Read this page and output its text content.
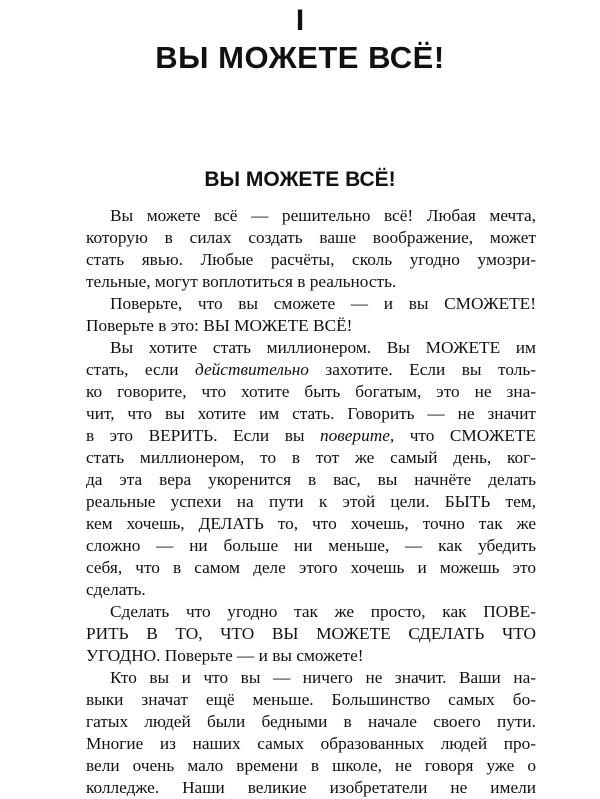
I
ВЫ МОЖЕТЕ ВСЁ!
ВЫ МОЖЕТЕ ВСЁ!
Вы можете всё — решительно всё! Любая мечта,
которую в силах создать ваше воображение, может
стать явью. Любые расчёты, сколь угодно умозри-
тельные, могут воплотиться в реальность.
Поверьте, что вы сможете — и вы СМОЖЕТЕ!
Поверьте в это: ВЫ МОЖЕТЕ ВСЁ!
Вы хотите стать миллионером. Вы МОЖЕТЕ им
стать, если действительно захотите. Если вы толь-
ко говорите, что хотите быть богатым, это не зна-
чит, что вы хотите им стать. Говорить — не значит
в это ВЕРИТЬ. Если вы поверите, что СМОЖЕТЕ
стать миллионером, то в тот же самый день, ког-
да эта вера укоренится в вас, вы начнёте делать
реальные успехи на пути к этой цели. БЫТЬ тем,
кем хочешь, ДЕЛАТЬ то, что хочешь, точно так же
сложно — ни больше ни меньше, — как убедить
себя, что в самом деле этого хочешь и можешь это
сделать.
Сделать что угодно так же просто, как ПОВЕ-
РИТЬ В ТО, ЧТО ВЫ МОЖЕТЕ СДЕЛАТЬ ЧТО
УГОДНО. Поверьте — и вы сможете!
Кто вы и что вы — ничего не значит. Ваши на-
выки значат ещё меньше. Большинство самых бо-
гатых людей были бедными в начале своего пути.
Многие из наших самых образованных людей про-
вели очень мало времени в школе, не говоря уже о
колледже. Наши великие изобретатели не имели
